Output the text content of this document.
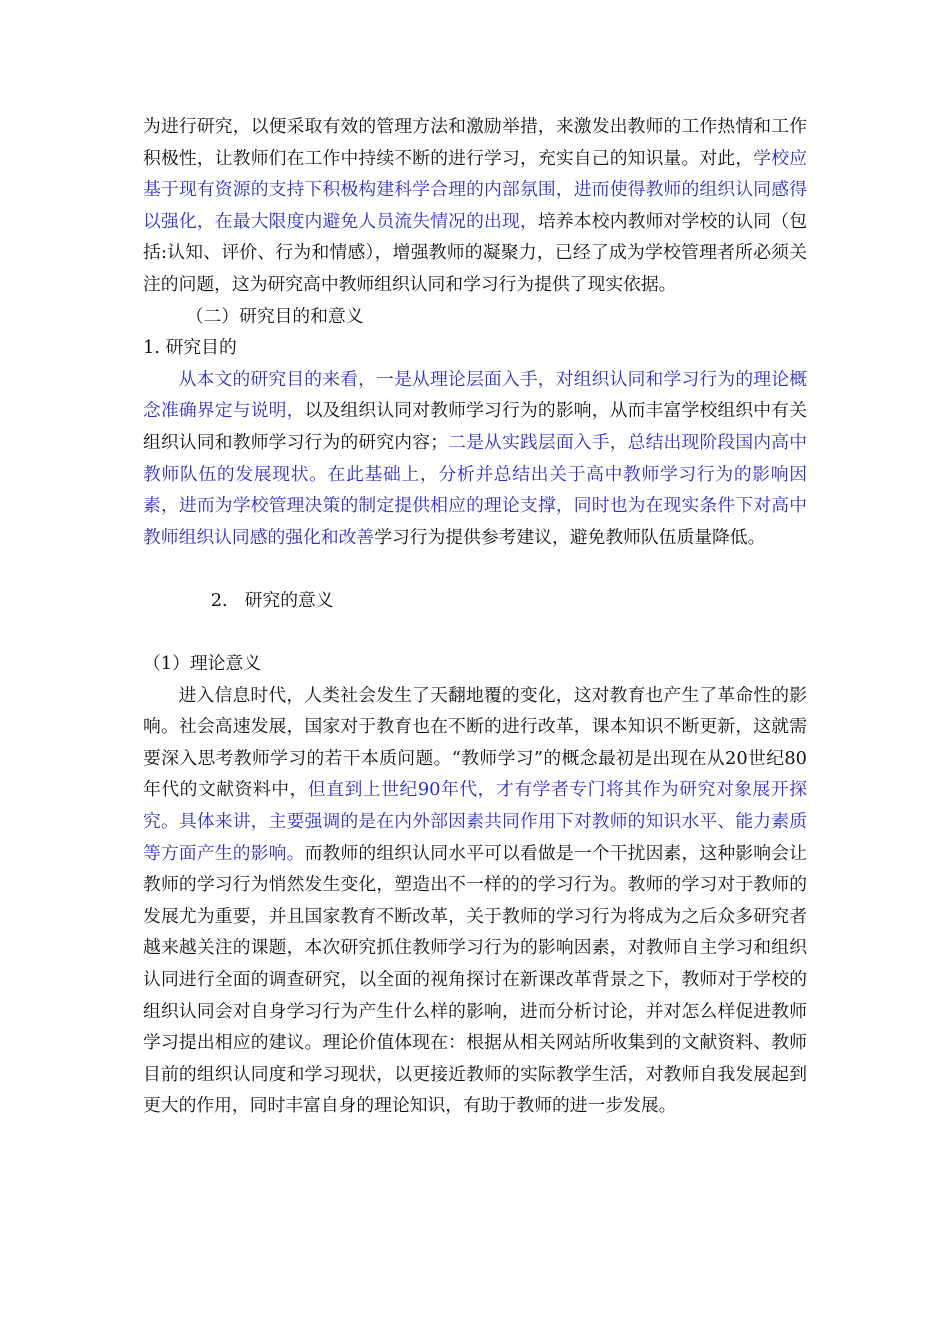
为进行研究，以便采取有效的管理方法和激励举措，来激发出教师的工作热情和工作积极性，让教师们在工作中持续不断的进行学习，充实自己的知识量。对此，学校应基于现有资源的支持下积极构建科学合理的内部氛围，进而使得教师的组织认同感得以强化，在最大限度内避免人员流失情况的出现，培养本校内教师对学校的认同（包括:认知、评价、行为和情感），增强教师的凝聚力，已经了成为学校管理者所必须关注的问题，这为研究高中教师组织认同和学习行为提供了现实依据。

（二）研究目的和意义

1. 研究目的

从本文的研究目的来看，一是从理论层面入手，对组织认同和学习行为的理论概念准确界定与说明，以及组织认同对教师学习行为的影响，从而丰富学校组织中有关组织认同和教师学习行为的研究内容；二是从实践层面入手，总结出现阶段国内高中教师队伍的发展现状。在此基础上，分析并总结出关于高中教师学习行为的影响因素，进而为学校管理决策的制定提供相应的理论支撑，同时也为在现实条件下对高中教师组织认同感的强化和改善学习行为提供参考建议，避免教师队伍质量降低。

2.   研究的意义

（1）理论意义

进入信息时代，人类社会发生了天翻地覆的变化，这对教育也产生了革命性的影响。社会高速发展，国家对于教育也在不断的进行改革，课本知识不断更新，这就需要深入思考教师学习的若干本质问题。“教师学习”的概念最初是出现在从20世纪80年代的文献资料中，但直到上世纪90年代，才有学者专门将其作为研究对象展开探究。具体来讲，主要强调的是在内外部因素共同作用下对教师的知识水平、能力素质等方面产生的影响。而教师的组织认同水平可以看做是一个干扰因素，这种影响会让教师的学习行为悄然发生变化，塑造出不一样的的学习行为。教师的学习对于教师的发展尤为重要，并且国家教育不断改革，关于教师的学习行为将成为之后众多研究者越来越关注的课题，本次研究抓住教师学习行为的影响因素，对教师自主学习和组织认同进行全面的调查研究，以全面的视角探讨在新课改革背景之下，教师对于学校的组织认同会对自身学习行为产生什么样的影响，进而分析讨论，并对怎么样促进教师学习提出相应的建议。理论价值体现在：根据从相关网站所收集到的文献资料、教师目前的组织认同度和学习现状，以更接近教师的实际教学生活，对教师自我发展起到更大的作用，同时丰富自身的理论知识，有助于教师的进一步发展。
